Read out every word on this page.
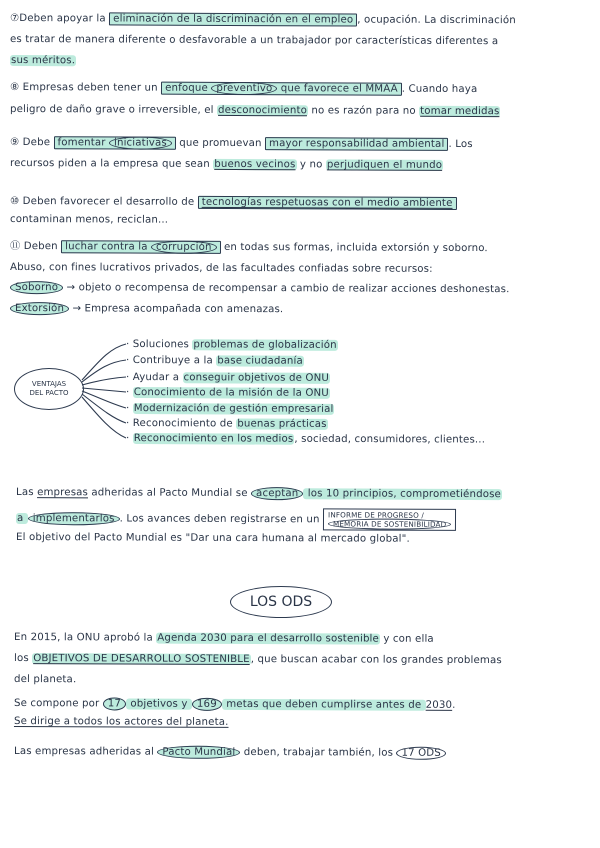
⑦Deben apoyar la eliminación de la discriminación en el empleo , ocupación. La discriminación
es tratar de manera diferente o desfavorable a un trabajador por características diferentes a
sus méritos.
⑧ Empresas deben tener un enfoque preventivo que favorece el MMAA . Cuando haya
peligro de daño grave o irreversible, el desconocimiento no es razón para no tomar medidas
⑨ Debe fomentar iniciativas que promuevan mayor responsabilidad ambiental . Los
recursos piden a la empresa que sean buenos vecinos y no perjudiquen el mundo
⑩ Deben favorecer el desarrollo de tecnologías respetuosas con el medio ambiente
contaminan menos, reciclan...
⑪ Deben luchar contra la corrupción en todas sus formas, incluida extorsión y soborno.
Abuso, con fines lucrativos privados, de las facultades confiadas sobre recursos:
Soborno → objeto o recompensa de recompensar a cambio de realizar acciones deshonestas.
Extorsión → Empresa acompañada con amenazas.
VENTAJAS
DEL PACTO
· Soluciones problemas de globalización
· Contribuye a la base ciudadanía
· Ayudar a conseguir objetivos de ONU
· Conocimiento de la misión de la ONU
· Modernización de gestión empresarial
· Reconocimiento de buenas prácticas
· Reconocimiento en los medios, sociedad, consumidores, clientes...
Las empresas adheridas al Pacto Mundial se aceptan los 10 principios, comprometiéndose
a implementarlos . Los avances deben registrarse en un INFORME DE PROGRESO /
MEMORIA DE SOSTENIBILIDAD
El objetivo del Pacto Mundial es "Dar una cara humana al mercado global".
LOS ODS
En 2015, la ONU aprobó la Agenda 2030 para el desarrollo sostenible y con ella
los OBJETIVOS DE DESARROLLO SOSTENIBLE, que buscan acabar con los grandes problemas
del planeta.
Se compone por 17 objetivos y 169 metas que deben cumplirse antes de 2030.
Se dirige a todos los actores del planeta.
Las empresas adheridas al Pacto Mundial deben, trabajar también, los 17 ODS
